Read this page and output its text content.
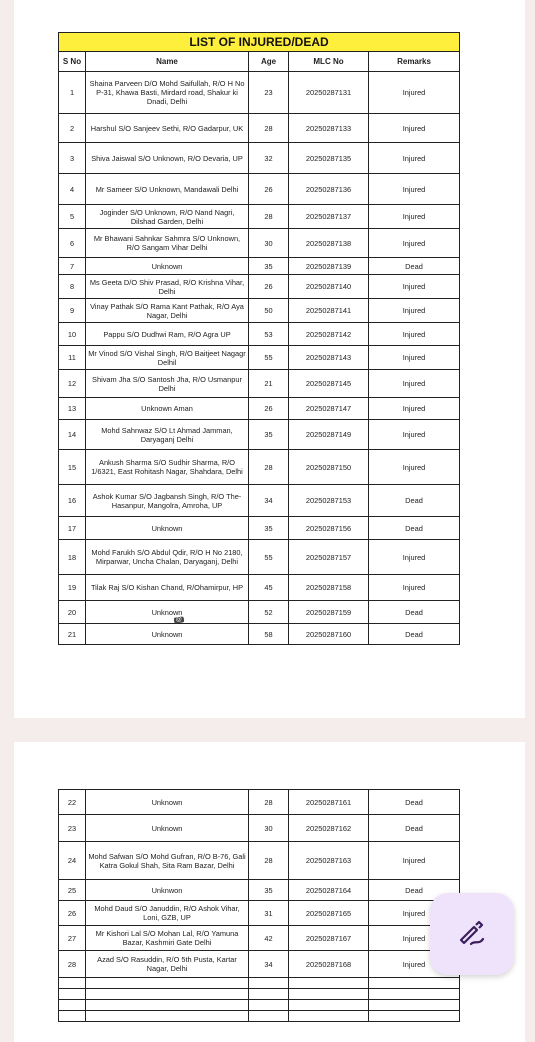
LIST OF INJURED/DEAD				
S No	Name	Age	MLC No	Remarks
1	Shaina Parveen D/O Mohd Saifullah, R/O H No P-31, Khawa Basti, Mirdard road, Shakur ki Dnadi, Delhi	23	20250287131	Injured
2	Harshul S/O Sanjeev Sethi, R/O Gadarpur, UK	28	20250287133	Injured
3	Shiva Jaiswal S/O Unknown, R/O Devaria, UP	32	20250287135	Injured
4	Mr Sameer S/O Unknown, Mandawali Delhi	26	20250287136	Injured
5	Joginder S/O Unknown, R/O Nand Nagri, Dilshad Garden, Delhi	28	20250287137	Injured
6	Mr Bhawani Sahnkar Sahmra S/O Unknown, R/O Sangam Vihar Delhi	30	20250287138	Injured
7	Unknown	35	20250287139	Dead
8	Ms Geeta D/O Shiv Prasad, R/O Krishna Vihar, Delhi	26	20250287140	Injured
9	Vinay Pathak S/O Rama Kant Pathak, R/O Aya Nagar, Delhi	50	20250287141	Injured
10	Pappu S/O Dudhwi Ram, R/O Agra UP	53	20250287142	Injured
11	Mr Vinod S/O Vishal Singh, R/O Baitjeet Nagagr Delhil	55	20250287143	Injured
12	Shivam Jha S/O Santosh Jha, R/O Usmanpur Delhi	21	20250287145	Injured
13	Unknown Aman	26	20250287147	Injured
14	Mohd Sahnwaz S/O Lt Ahmad Jamman, Daryaganj Delhi	35	20250287149	Injured
15	Ankush Sharma S/O Sudhir Sharma, R/O 1/6321, East Rohitash Nagar, Shahdara, Delhi	28	20250287150	Injured
16	Ashok Kumar S/O Jagbansh Singh, R/O The-Hasanpur, Mangolra, Amroha, UP	34	20250287153	Dead
17	Unknown	35	20250287156	Dead
18	Mohd Farukh S/O Abdul Qdir, R/O H No 2180, Mirparwar, Uncha Chalan, Daryaganj, Delhi	55	20250287157	Injured
19	Tilak Raj S/O Kishan Chand, R/Ohamirpur, HP	45	20250287158	Injured
20	Unknown	52	20250287159	Dead
21	Unknown	58	20250287160	Dead
@
22	Unknown	28	20250287161	Dead
23	Unknown	30	20250287162	Dead
24	Mohd Safwan S/O Mohd Gufran, R/O B-76, Gali Katra Gokul Shah, Sita Ram Bazar, Delhi	28	20250287163	Injured
25	Unknwon	35	20250287164	Dead
26	Mohd Daud S/O Januddin, R/O Ashok Vihar, Loni, GZB, UP	31	20250287165	Injured
27	Mr Kishori Lal S/O Mohan Lal, R/O Yamuna Bazar, Kashmiri Gate Delhi	42	20250287167	Injured
28	Azad S/O Rasuddin, R/O 5th Pusta, Kartar Nagar, Delhi	34	20250287168	Injured
